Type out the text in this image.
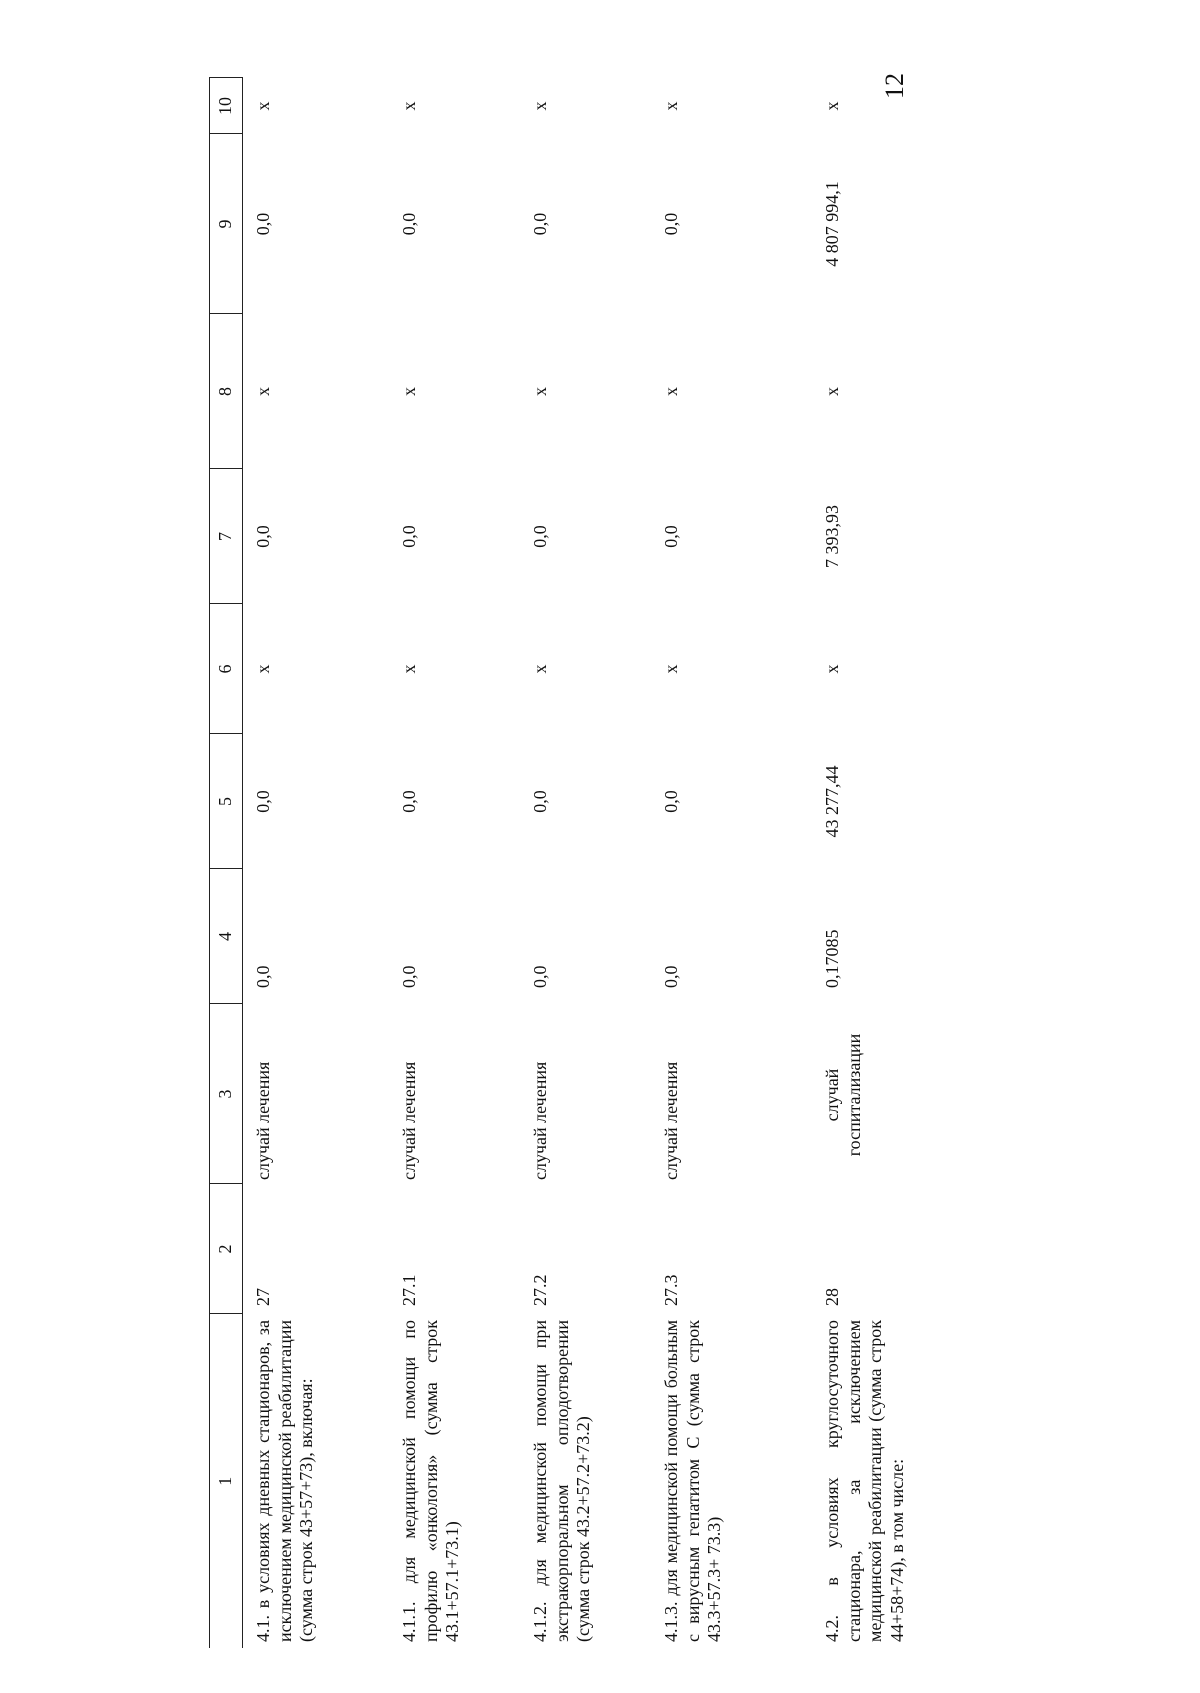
12
1	2	3	4	5	6	7	8	9	10
4.1. в условиях дневных стационаров, за исключением медицинской реабилитации (сумма строк 43+57+73), включая:	27	случай лечения	0,0	0,0	x	0,0	x	0,0	x
4.1.1. для медицинской помощи по профилю «онкология» (сумма строк 43.1+57.1+73.1)	27.1	случай лечения	0,0	0,0	x	0,0	x	0,0	x
4.1.2. для медицинской помощи при экстракорпоральном оплодотворении (сумма строк 43.2+57.2+73.2)	27.2	случай лечения	0,0	0,0	x	0,0	x	0,0	x
4.1.3. для медицинской помощи больным с вирусным гепатитом С (сумма строк 43.3+57.3+ 73.3)	27.3	случай лечения	0,0	0,0	x	0,0	x	0,0	x
4.2. в условиях круглосуточного стационара, за исключением медицинской реабилитации (сумма строк 44+58+74), в том числе:	28	случай госпитализации	0,17085	43 277,44	x	7 393,93	x	4 807 994,1	x
